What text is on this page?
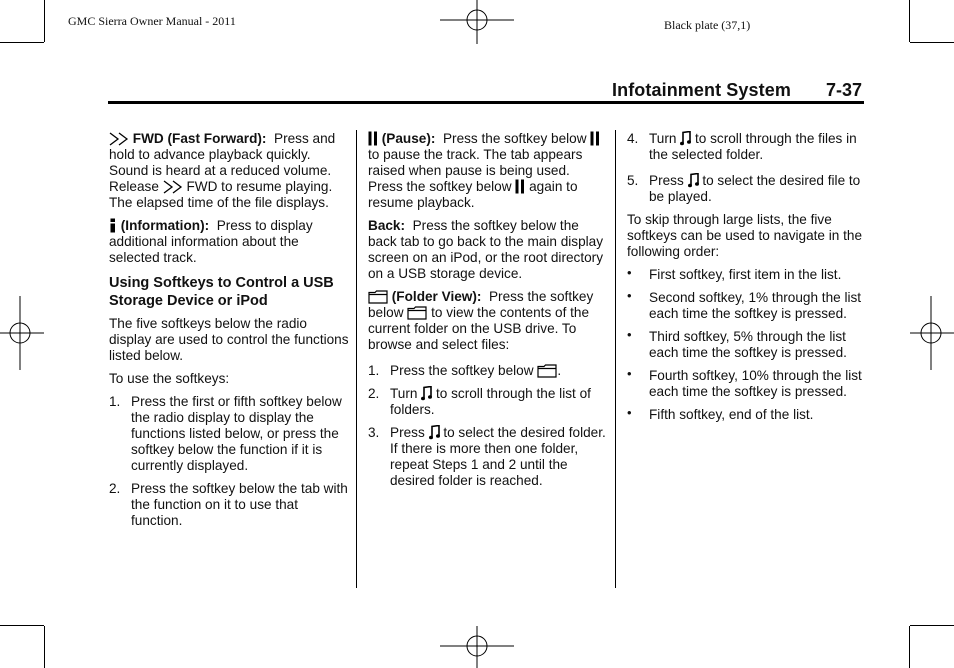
GMC Sierra Owner Manual - 2011	Black plate (37,1)
Infotainment System 7-37

FWD (Fast Forward): Press and hold to advance playback quickly. Sound is heard at a reduced volume. Release FWD to resume playing. The elapsed time of the file displays.

(Information): Press to display additional information about the selected track.

Using Softkeys to Control a USB Storage Device or iPod

The five softkeys below the radio display are used to control the functions listed below.

To use the softkeys:

1. Press the first or fifth softkey below the radio display to display the functions listed below, or press the softkey below the function if it is currently displayed.
2. Press the softkey below the tab with the function on it to use that function.

(Pause): Press the softkey below  to pause the track. The tab appears raised when pause is being used. Press the softkey below again to resume playback.

Back: Press the softkey below the back tab to go back to the main display screen on an iPod, or the root directory on a USB storage device.

(Folder View): Press the softkey below to view the contents of the current folder on the USB drive. To browse and select files:

1. Press the softkey below .
2. Turn to scroll through the list of folders.
3. Press to select the desired folder. If there is more then one folder, repeat Steps 1 and 2 until the desired folder is reached.
4. Turn to scroll through the files in the selected folder.
5. Press to select the desired file to be played.

To skip through large lists, the five softkeys can be used to navigate in the following order:

• First softkey, first item in the list.
• Second softkey, 1% through the list each time the softkey is pressed.
• Third softkey, 5% through the list each time the softkey is pressed.
• Fourth softkey, 10% through the list each time the softkey is pressed.
• Fifth softkey, end of the list.
